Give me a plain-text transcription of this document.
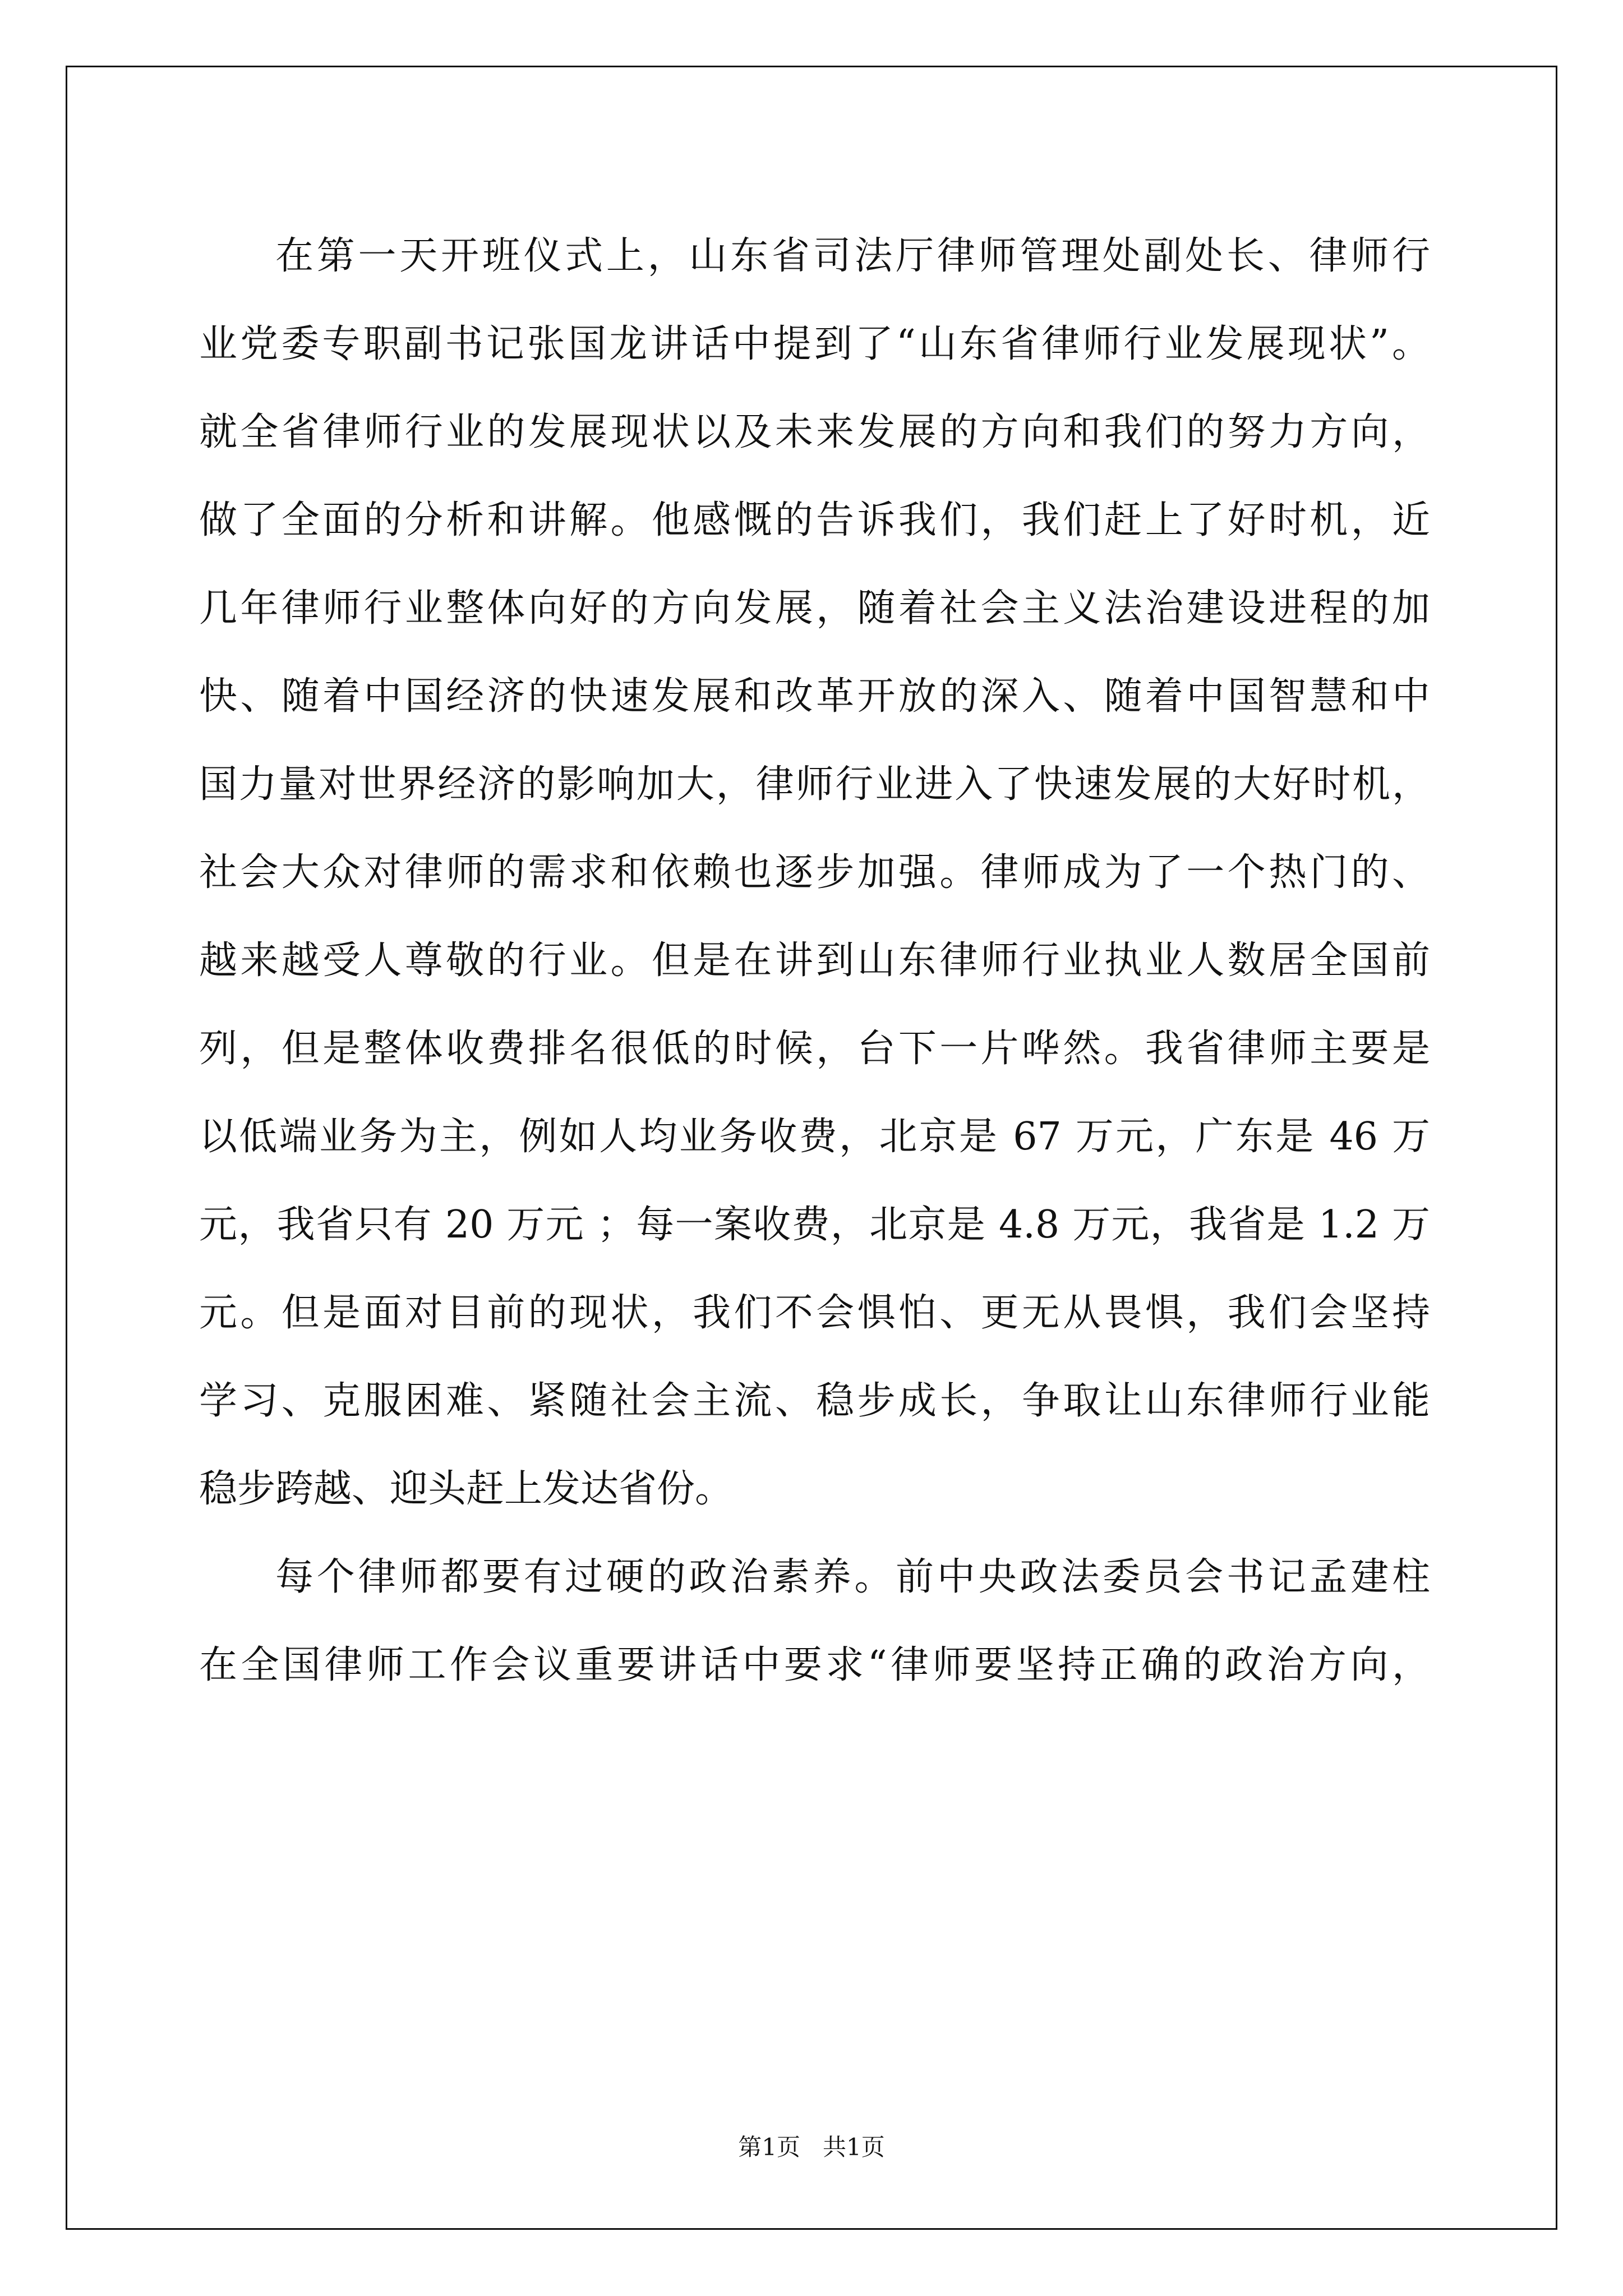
在第一天开班仪式上，山东省司法厅律师管理处副处长、律师行
业党委专职副书记张国龙讲话中提到了“山东省律师行业发展现状”。
就全省律师行业的发展现状以及未来发展的方向和我们的努力方向，
做了全面的分析和讲解。他感慨的告诉我们，我们赶上了好时机，近
几年律师行业整体向好的方向发展，随着社会主义法治建设进程的加
快、随着中国经济的快速发展和改革开放的深入、随着中国智慧和中
国力量对世界经济的影响加大，律师行业进入了快速发展的大好时机，
社会大众对律师的需求和依赖也逐步加强。律师成为了一个热门的、
越来越受人尊敬的行业。但是在讲到山东律师行业执业人数居全国前
列，但是整体收费排名很低的时候，台下一片哗然。我省律师主要是
以低端业务为主，例如人均业务收费，北京是 67 万元，广东是 46 万
元，我省只有 20 万元 ；每一案收费，北京是 4.8 万元，我省是 1.2 万
元。但是面对目前的现状，我们不会惧怕、更无从畏惧，我们会坚持
学习、克服困难、紧随社会主流、稳步成长，争取让山东律师行业能
稳步跨越、迎头赶上发达省份。
每个律师都要有过硬的政治素养。前中央政法委员会书记孟建柱
在全国律师工作会议重要讲话中要求“律师要坚持正确的政治方向，
第1页   共1页
